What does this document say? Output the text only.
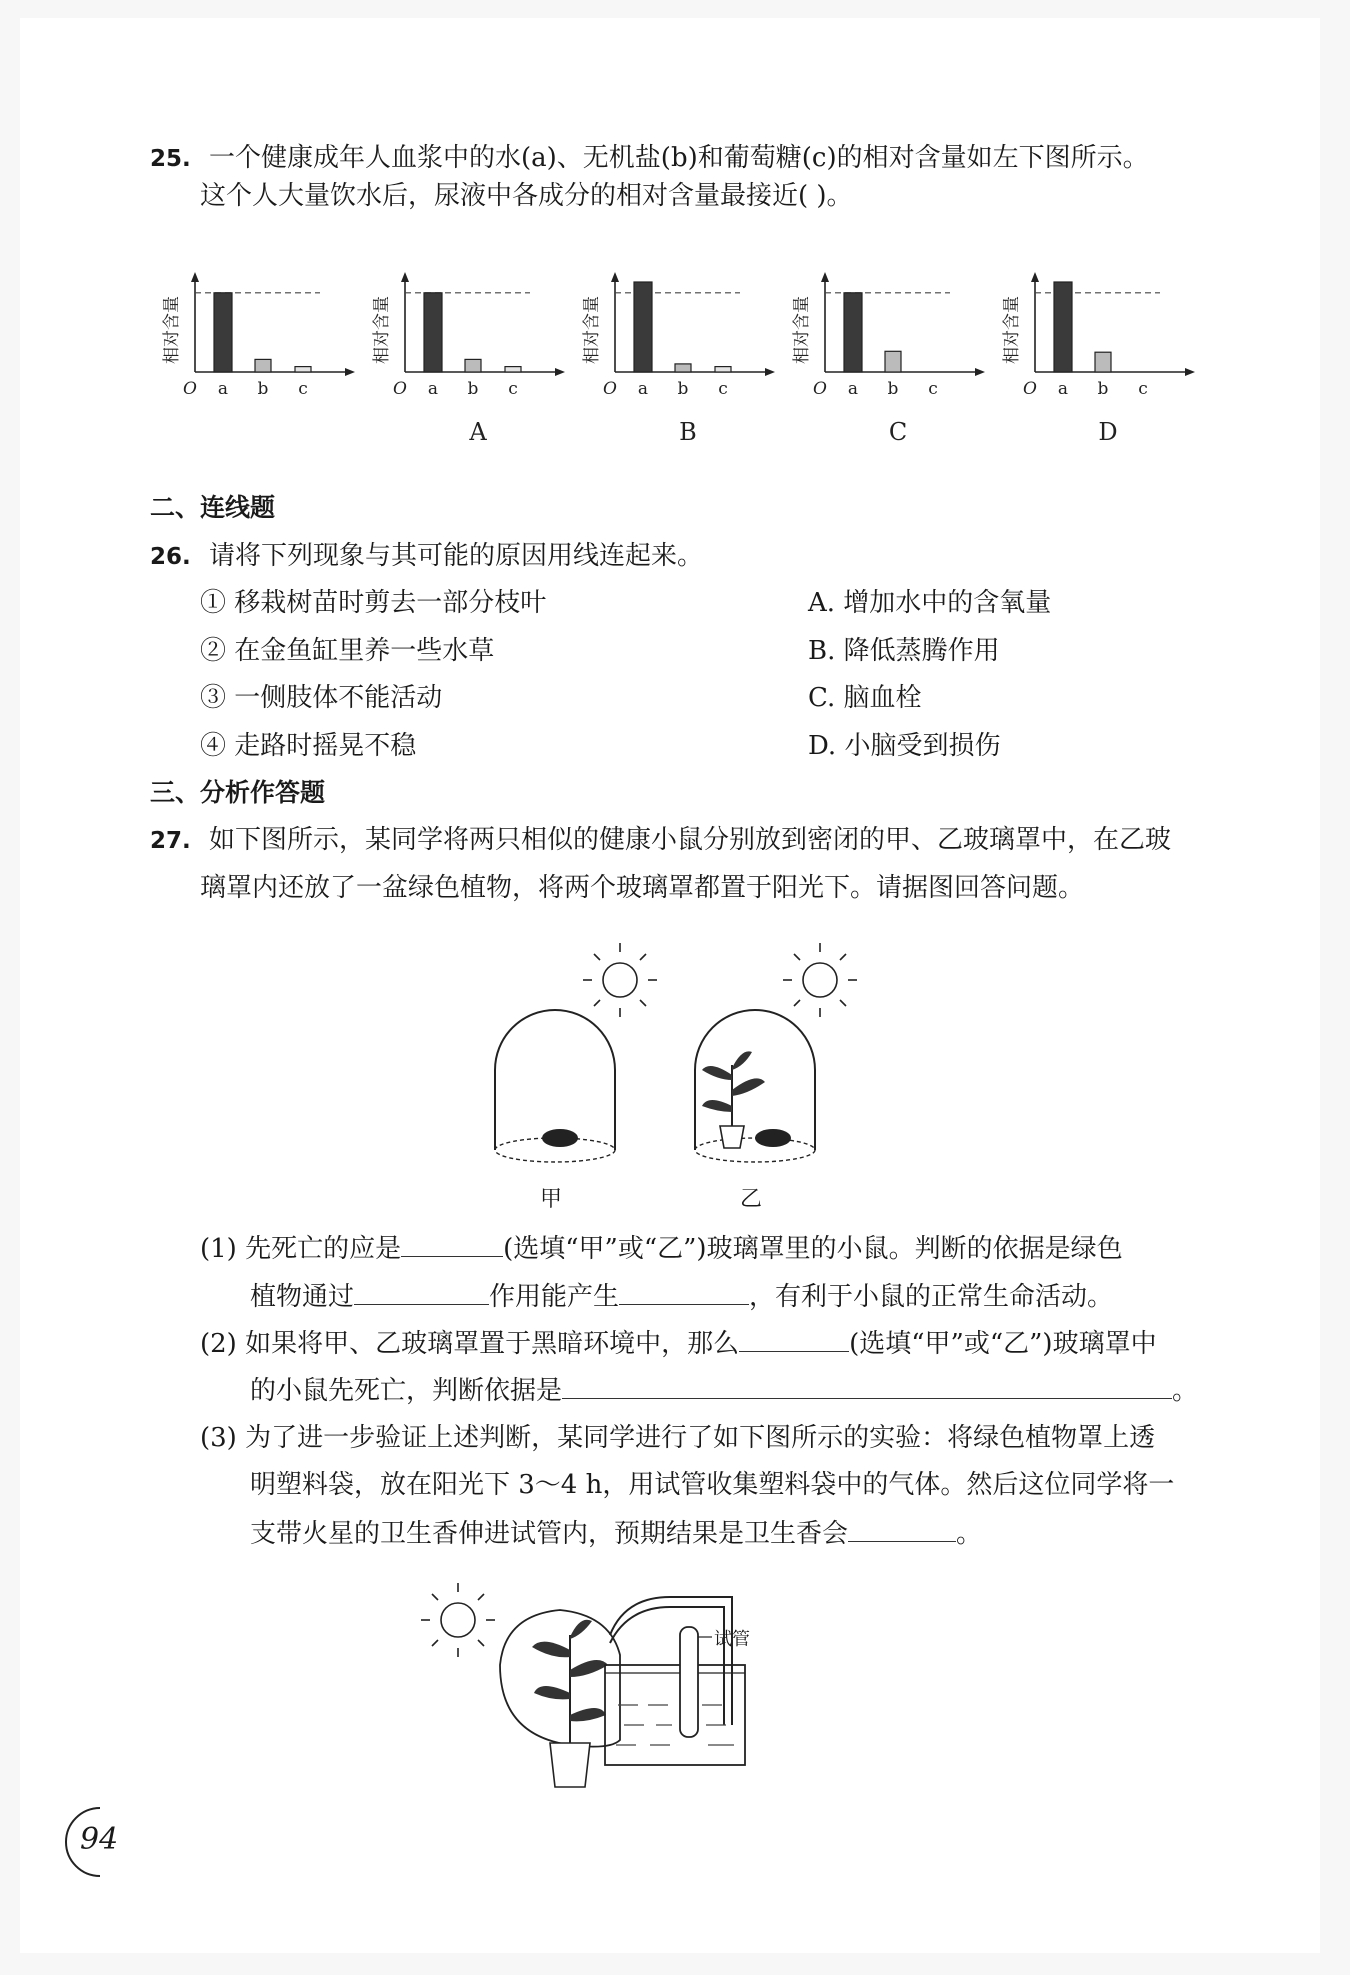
25. 一个健康成年人血浆中的水(a)、无机盐(b)和葡萄糖(c)的相对含量如左下图所示。
这个人大量饮水后，尿液中各成分的相对含量最接近( )。
相对含量
O a b c
相对含量
O a b c
A
相对含量
O a b c
B
相对含量
O a b c
C
相对含量
O a b c
D
二、连线题
26. 请将下列现象与其可能的原因用线连起来。
① 移栽树苗时剪去一部分枝叶
② 在金鱼缸里养一些水草
③ 一侧肢体不能活动
④ 走路时摇晃不稳
A. 增加水中的含氧量
B. 降低蒸腾作用
C. 脑血栓
D. 小脑受到损伤
三、分析作答题
27. 如下图所示，某同学将两只相似的健康小鼠分别放到密闭的甲、乙玻璃罩中，在乙玻
璃罩内还放了一盆绿色植物，将两个玻璃罩都置于阳光下。请据图回答问题。
甲	乙
(1) 先死亡的应是	(选填“甲”或“乙”)玻璃罩里的小鼠。判断的依据是绿色
植物通过	作用能产生	，有利于小鼠的正常生命活动。
(2) 如果将甲、乙玻璃罩置于黑暗环境中，那么	(选填“甲”或“乙”)玻璃罩中
的小鼠先死亡，判断依据是	。
(3) 为了进一步验证上述判断，某同学进行了如下图所示的实验：将绿色植物罩上透
明塑料袋，放在阳光下 3～4 h，用试管收集塑料袋中的气体。然后这位同学将一
支带火星的卫生香伸进试管内，预期结果是卫生香会	。
试管
94
